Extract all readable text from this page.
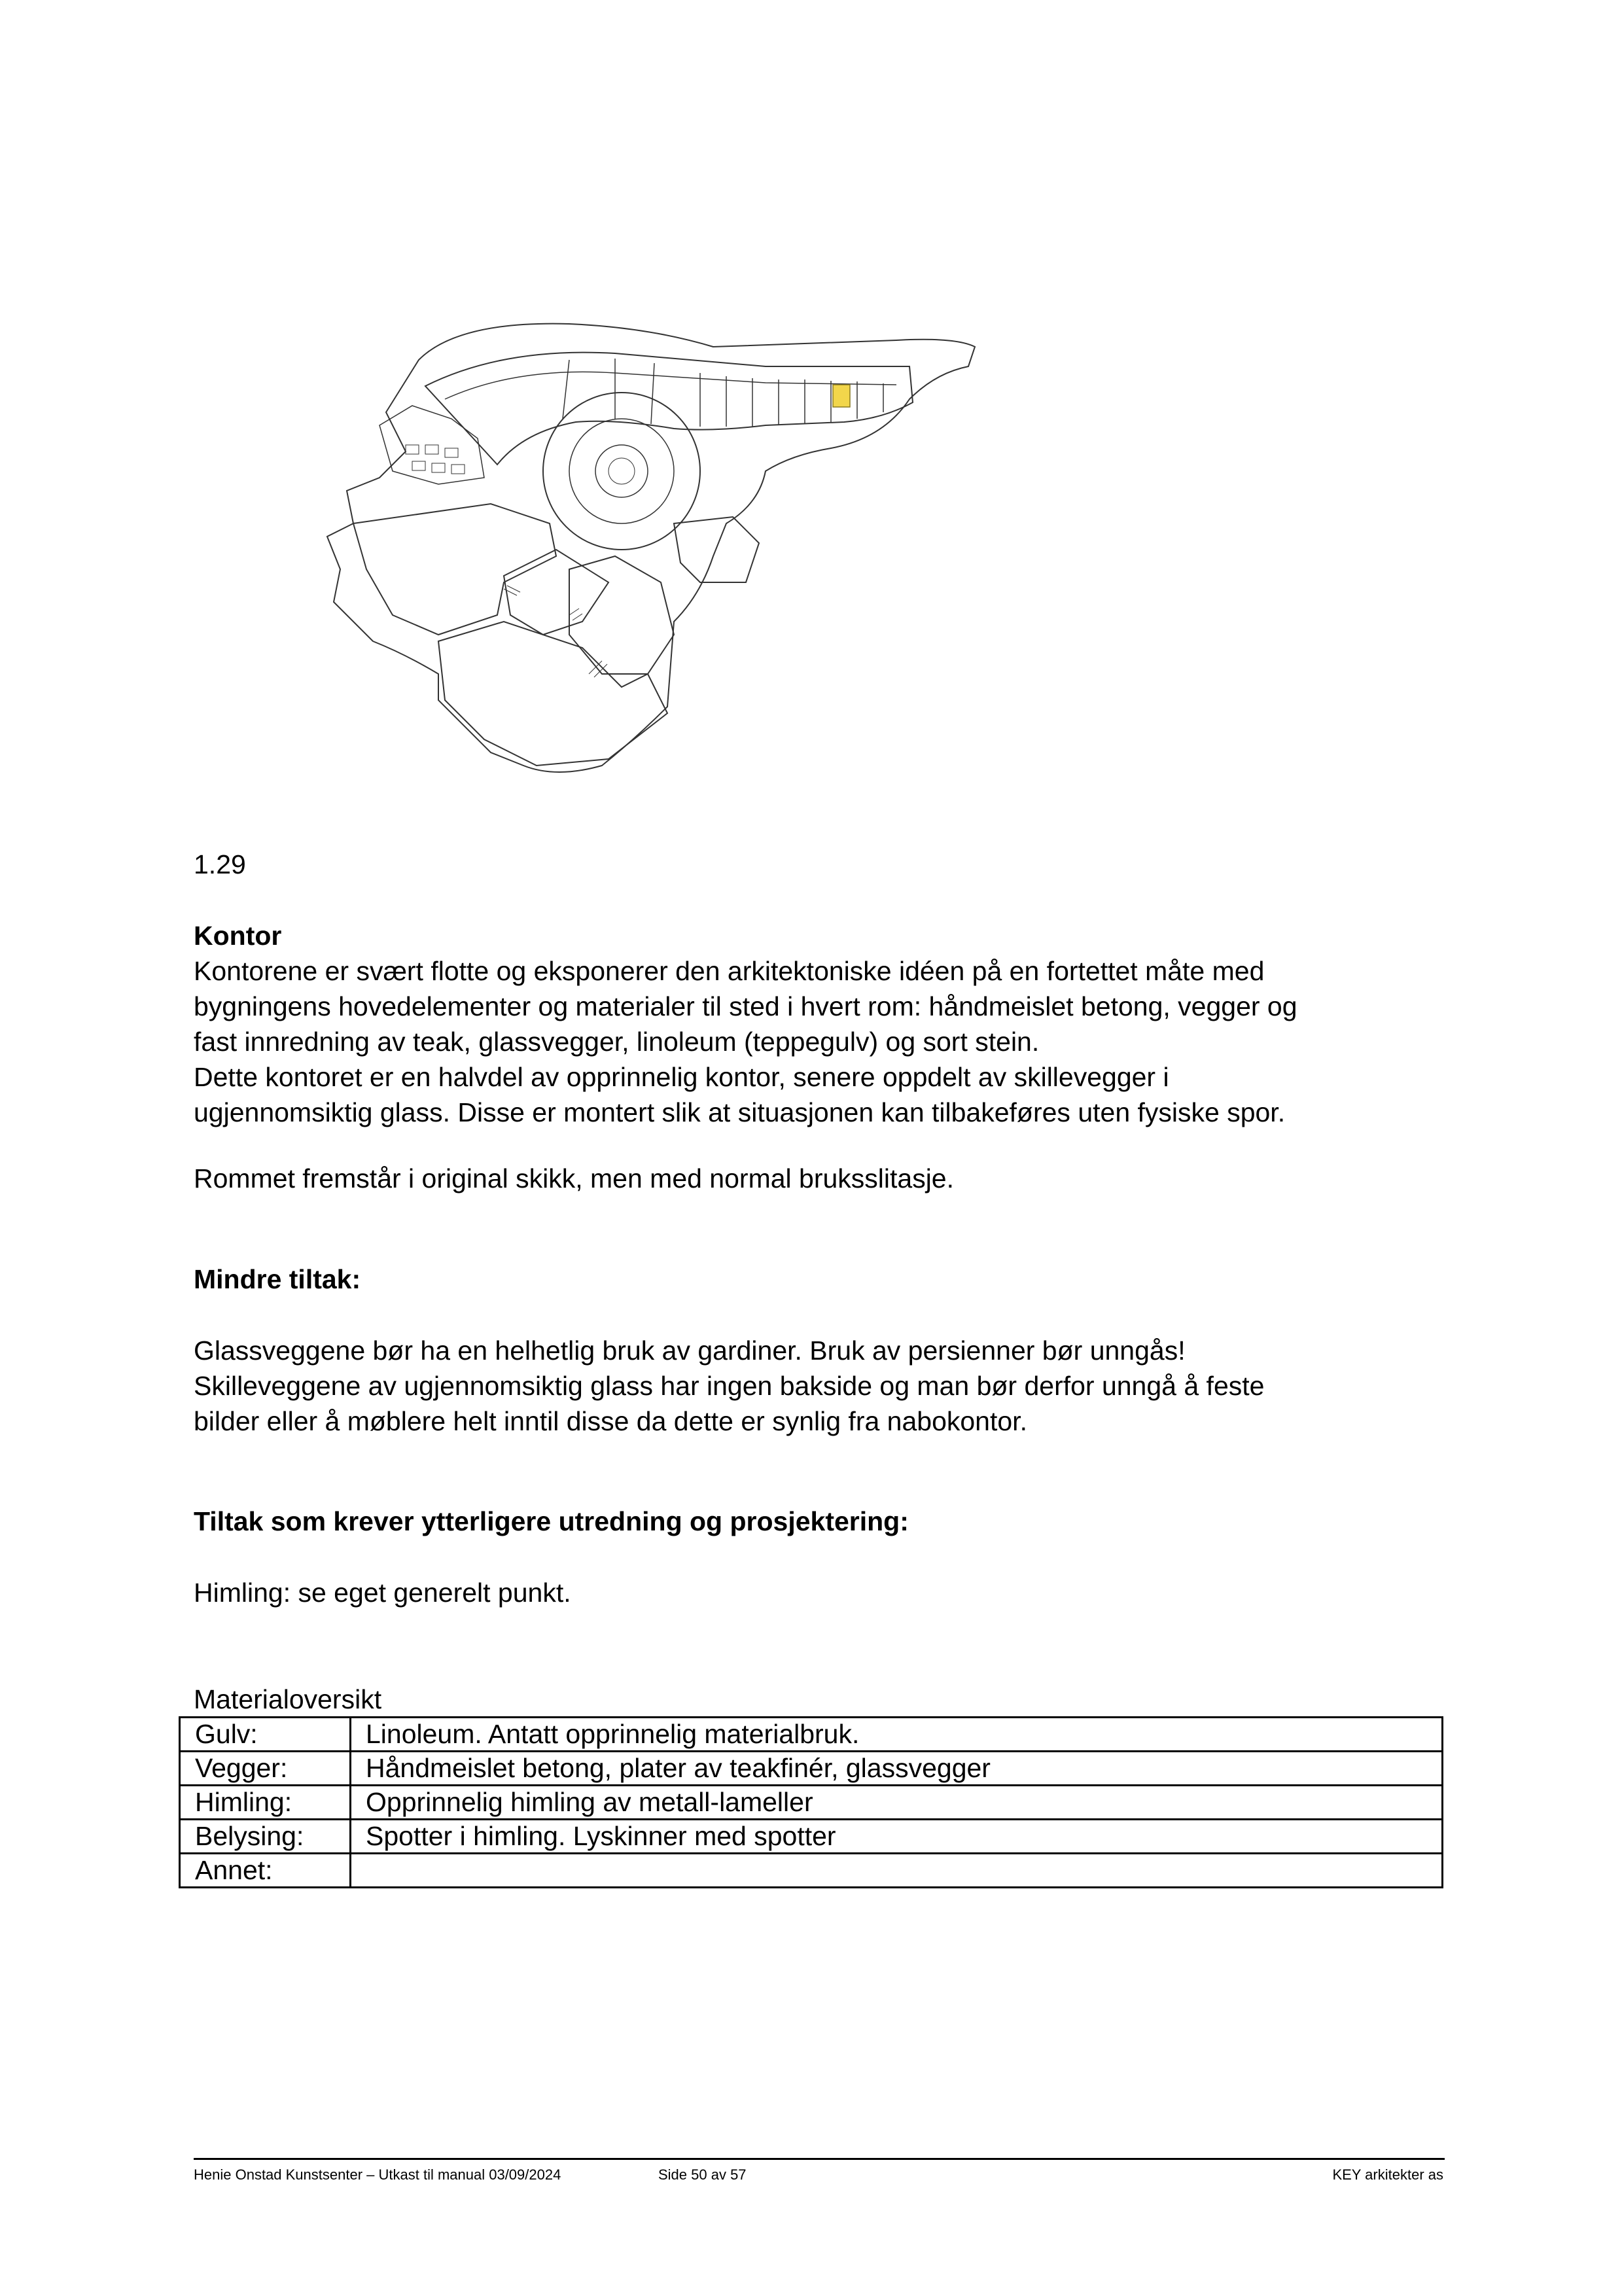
1.29

Kontor

Kontorene er svært flotte og eksponerer den arkitektoniske idéen på en fortettet måte med

bygningens hovedelementer og materialer til sted i hvert rom: håndmeislet betong, vegger og

fast innredning av teak, glassvegger, linoleum (teppegulv) og sort stein.

Dette kontoret er en halvdel av opprinnelig kontor, senere oppdelt av skillevegger i

ugjennomsiktig glass. Disse er montert slik at situasjonen kan tilbakeføres uten fysiske spor.

Rommet fremstår i original skikk, men med normal bruksslitasje.

Mindre tiltak:

Glassveggene bør ha en helhetlig bruk av gardiner. Bruk av persienner bør unngås!

Skilleveggene av ugjennomsiktig glass har ingen bakside og man bør derfor unngå å feste

bilder eller å møblere helt inntil disse da dette er synlig fra nabokontor.

Tiltak som krever ytterligere utredning og prosjektering:

Himling: se eget generelt punkt.

Materialoversikt

Gulv:	Linoleum. Antatt opprinnelig materialbruk.
Vegger:	Håndmeislet betong, plater av teakfinér, glassvegger
Himling:	Opprinnelig himling av metall-lameller
Belysing:	Spotter i himling. Lyskinner med spotter
Annet:	
Henie Onstad Kunstsenter – Utkast til manual 03/09/2024	Side 50 av 57	KEY arkitekter as
